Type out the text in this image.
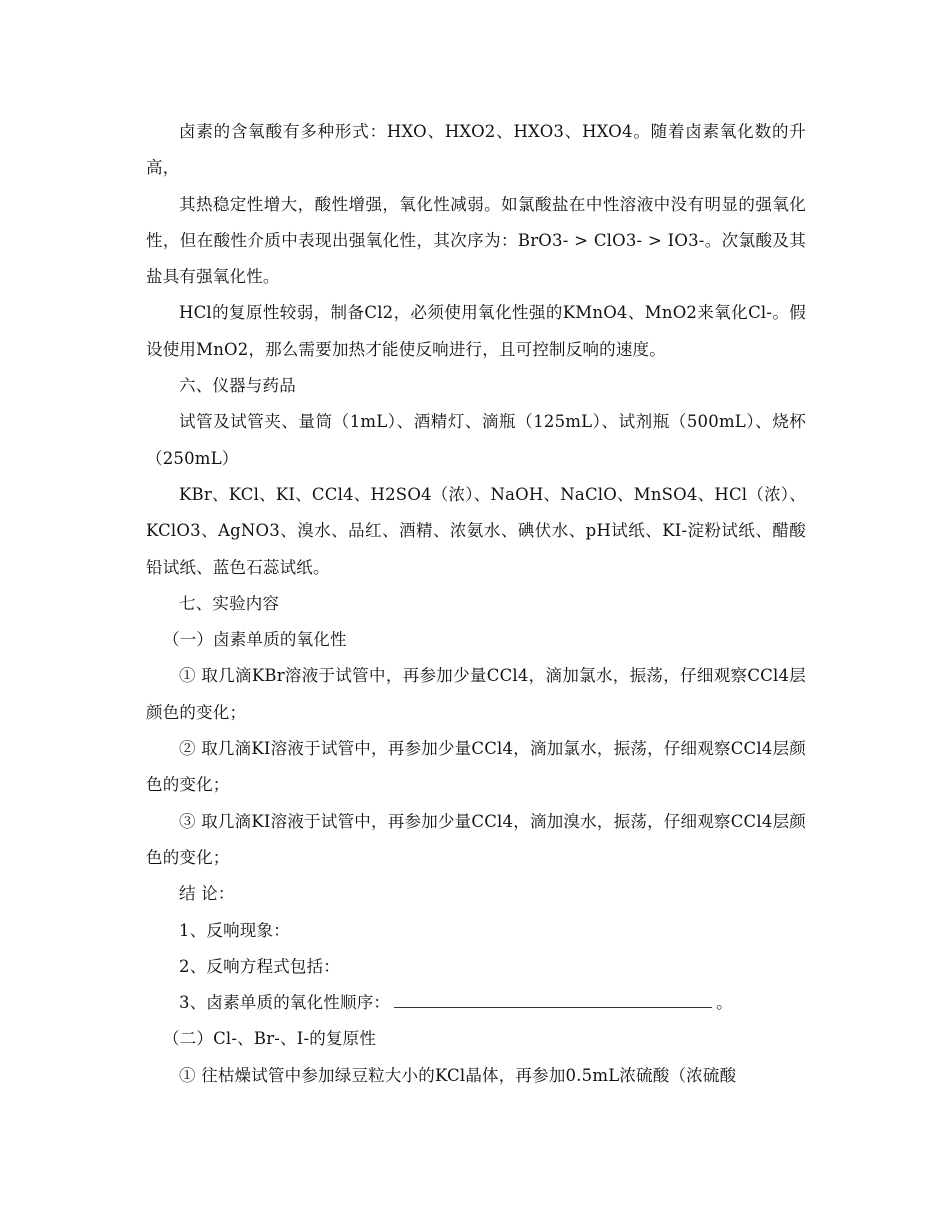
卤素的含氧酸有多种形式：HXO、HXO2、HXO3、HXO4。随着卤素氧化数的升高，

其热稳定性增大，酸性增强，氧化性减弱。如氯酸盐在中性溶液中没有明显的强氧化性，但在酸性介质中表现出强氧化性，其次序为：BrO3- > ClO3- > IO3-。次氯酸及其盐具有强氧化性。

HCl的复原性较弱，制备Cl2，必须使用氧化性强的KMnO4、MnO2来氧化Cl-。假设使用MnO2，那么需要加热才能使反响进行，且可控制反响的速度。

六、仪器与药品

试管及试管夹、量筒（1mL）、酒精灯、滴瓶（125mL）、试剂瓶（500mL）、烧杯（250mL）

KBr、KCl、KI、CCl4、H2SO4（浓）、NaOH、NaClO、MnSO4、HCl（浓）、KClO3、AgNO3、溴水、品红、酒精、浓氨水、碘伏水、pH试纸、KI-淀粉试纸、醋酸铅试纸、蓝色石蕊试纸。

七、实验内容

（一）卤素单质的氧化性

① 取几滴KBr溶液于试管中，再参加少量CCl4，滴加氯水，振荡，仔细观察CCl4层颜色的变化；

② 取几滴KI溶液于试管中，再参加少量CCl4，滴加氯水，振荡，仔细观察CCl4层颜色的变化；

③ 取几滴KI溶液于试管中，再参加少量CCl4，滴加溴水，振荡，仔细观察CCl4层颜色的变化；

结 论：

1、反响现象：

2、反响方程式包括：

3、卤素单质的氧化性顺序：	。

（二）Cl-、Br-、I-的复原性

① 往枯燥试管中参加绿豆粒大小的KCl晶体，再参加0.5mL浓硫酸（浓硫酸
